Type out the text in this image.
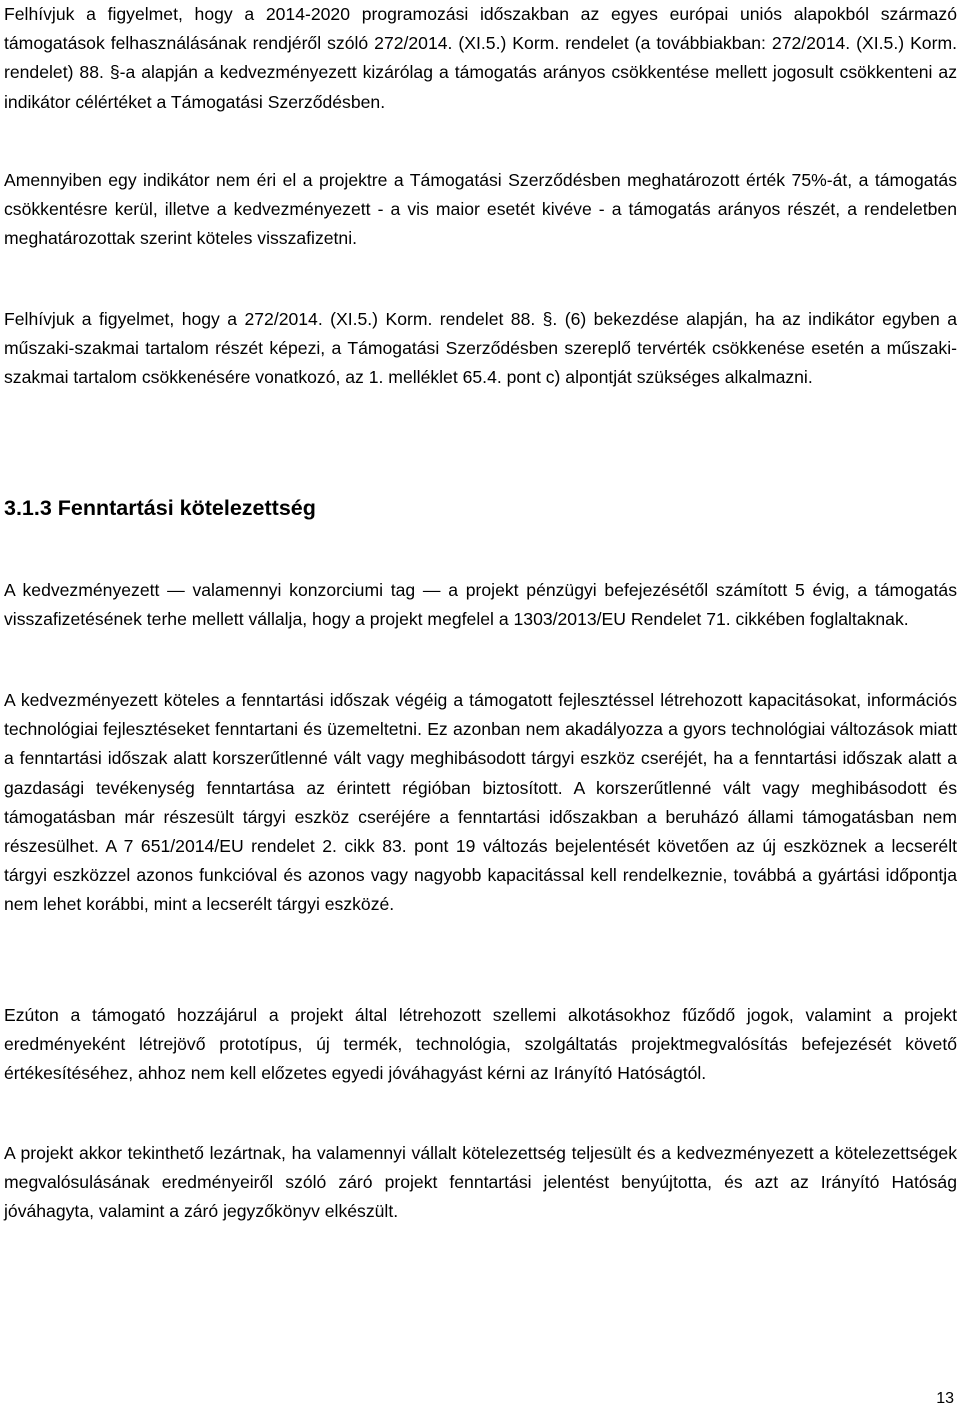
Felhívjuk a figyelmet, hogy a 2014-2020 programozási időszakban az egyes európai uniós alapokból származó támogatások felhasználásának rendjéről szóló 272/2014. (XI.5.) Korm. rendelet (a továbbiakban: 272/2014. (XI.5.) Korm. rendelet) 88. §-a alapján a kedvezményezett kizárólag a támogatás arányos csökkentése mellett jogosult csökkenteni az indikátor célértéket a Támogatási Szerződésben.

Amennyiben egy indikátor nem éri el a projektre a Támogatási Szerződésben meghatározott érték 75%-át, a támogatás csökkentésre kerül, illetve a kedvezményezett - a vis maior esetét kivéve - a támogatás arányos részét, a rendeletben meghatározottak szerint köteles visszafizetni.

Felhívjuk a figyelmet, hogy a 272/2014. (XI.5.) Korm. rendelet 88. §. (6) bekezdése alapján, ha az indikátor egyben a műszaki-szakmai tartalom részét képezi, a Támogatási Szerződésben szereplő tervérték csökkenése esetén a műszaki-szakmai tartalom csökkenésére vonatkozó, az 1. melléklet 65.4. pont c) alpontját szükséges alkalmazni.

3.1.3 Fenntartási kötelezettség

A kedvezményezett — valamennyi konzorciumi tag — a projekt pénzügyi befejezésétől számított 5 évig, a támogatás visszafizetésének terhe mellett vállalja, hogy a projekt megfelel a 1303/2013/EU Rendelet 71. cikkében foglaltaknak.

A kedvezményezett köteles a fenntartási időszak végéig a támogatott fejlesztéssel létrehozott kapacitásokat, információs technológiai fejlesztéseket fenntartani és üzemeltetni. Ez azonban nem akadályozza a gyors technológiai változások miatt a fenntartási időszak alatt korszerűtlenné vált vagy meghibásodott tárgyi eszköz cseréjét, ha a fenntartási időszak alatt a gazdasági tevékenység fenntartása az érintett régióban biztosított. A korszerűtlenné vált vagy meghibásodott és támogatásban már részesült tárgyi eszköz cseréjére a fenntartási időszakban a beruházó állami támogatásban nem részesülhet. A 7 651/2014/EU rendelet 2. cikk 83. pont 19 változás bejelentését követően az új eszköznek a lecserélt tárgyi eszközzel azonos funkcióval és azonos vagy nagyobb kapacitással kell rendelkeznie, továbbá a gyártási időpontja nem lehet korábbi, mint a lecserélt tárgyi eszközé.

Ezúton a támogató hozzájárul a projekt által létrehozott szellemi alkotásokhoz fűződő jogok, valamint a projekt eredményeként létrejövő prototípus, új termék, technológia, szolgáltatás projektmegvalósítás befejezését követő értékesítéséhez, ahhoz nem kell előzetes egyedi jóváhagyást kérni az Irányító Hatóságtól.

A projekt akkor tekinthető lezártnak, ha valamennyi vállalt kötelezettség teljesült és a kedvezményezett a kötelezettségek megvalósulásának eredményeiről szóló záró projekt fenntartási jelentést benyújtotta, és azt az Irányító Hatóság jóváhagyta, valamint a záró jegyzőkönyv elkészült.

13
